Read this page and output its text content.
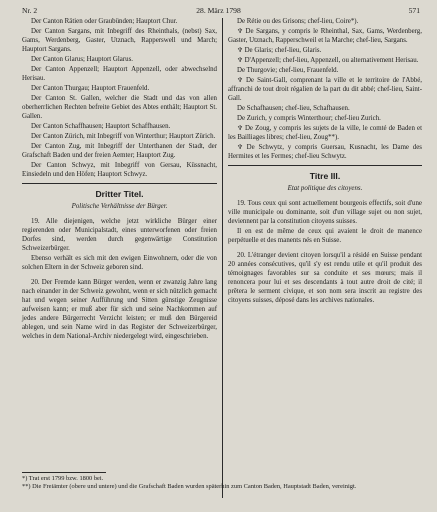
Nr. 2	28. März 1798	571

Der Canton Rätien oder Graubünden; Hauptort Chur.

Der Canton Sargans, mit Inbegriff des Rheinthals, (nebst) Sax, Gams, Werdenberg, Gaster, Utznach, Rapperswell und March; Hauptort Sargans.

Der Canton Glarus; Hauptort Glarus.

Der Canton Appenzell; Hauptort Appenzell, oder abwechselnd Herisau.

Der Canton Thurgau; Hauptort Frauenfeld.

Der Canton St. Gallen, welcher die Stadt und das von allen oberherrlichen Rechten befreite Gebiet des Abtes enthält; Hauptort St. Gallen.

Der Canton Schaffhausen; Hauptort Schaffhausen.

Der Canton Zürich, mit Inbegriff von Winterthur; Hauptort Zürich.

Der Canton Zug, mit Inbegriff der Unterthanen der Stadt, der Grafschaft Baden und der freien Aemter; Hauptort Zug.

Der Canton Schwyz, mit Inbegriff von Gersau, Küssnacht, Einsiedeln und den Höfen; Hauptort Schwyz.

Dritter Titel.
Politische Verhältnisse der Bürger.

19. Alle diejenigen, welche jetzt wirkliche Bürger einer regierenden oder Municipalstadt, eines unterworfenen oder freien Dorfes sind, werden durch gegenwärtige Constitution Schweizerbürger.

Ebenso verhält es sich mit den ewigen Einwohnern, oder die von solchen Eltern in der Schweiz geboren sind.

20. Der Fremde kann Bürger werden, wenn er zwanzig Jahre lang nach einander in der Schweiz gewohnt, wenn er sich nützlich gemacht hat und wegen seiner Aufführung und Sitten günstige Zeugnisse aufweisen kann; er muß aber für sich und seine Nachkommen auf jedes andere Bürgerrecht Verzicht leisten; er muß den Bürgereid ablegen, und sein Name wird in das Register der Schweizerbürger, welches in dem National-Archiv niedergelegt wird, eingeschrieben.

De Rétie ou des Grisons; chef-lieu, Coire*).

♆ De Sargans, y compris le Rheinthal, Sax, Gams, Werdenberg, Gaster, Utznach, Rapperschweil et la Marche; chef-lieu, Sargans.

♆ De Glaris; chef-lieu, Glaris.

♆ D'Appenzell; chef-lieu, Appenzell, ou alternativement Herisau.

De Thurgovie; chef-lieu, Frauenfeld.

♆ De Saint-Gall, comprenant la ville et le territoire de l'Abbé, affranchi de tout droit régalien de la part du dit abbé; chef-lieu, Saint-Gall.

De Schafhausen; chef-lieu, Schafhausen.

De Zurich, y compris Winterthour; chef-lieu Zurich.

♆ De Zoug, y compris les sujets de la ville, le comté de Baden et les Bailliages libres; chef-lieu, Zoug**).

♆ De Schwytz, y compris Guersau, Kusnacht, les Dame des Hermites et les Fermes; chef-lieu Schwytz.

Titre III.
Etat politique des citoyens.

19. Tous ceux qui sont actuellement bourgeois effectifs, soit d'une ville municipale ou dominante, soit d'un village sujet ou non sujet, deviennent par la constitution citoyens suisses.

Il en est de même de ceux qui avaient le droit de manence perpétuelle et des manents nés en Suisse.

20. L'étranger devient citoyen lorsqu'il a résidé en Suisse pendant 20 années consécutives, qu'il s'y est rendu utile et qu'il produit des témoignages favorables sur sa conduite et ses mœurs; mais il renoncera pour lui et ses descendants à tout autre droit de cité; il prêtera le serment civique, et son nom sera inscrit au registre des citoyens suisses, déposé dans les archives nationales.

*) Trat erst 1799 bzw. 1800 bei.
**) Die Freiämter (obere und untere) und die Grafschaft Baden wurden späterhin zum Canton Baden, Hauptstadt Baden, vereinigt.
